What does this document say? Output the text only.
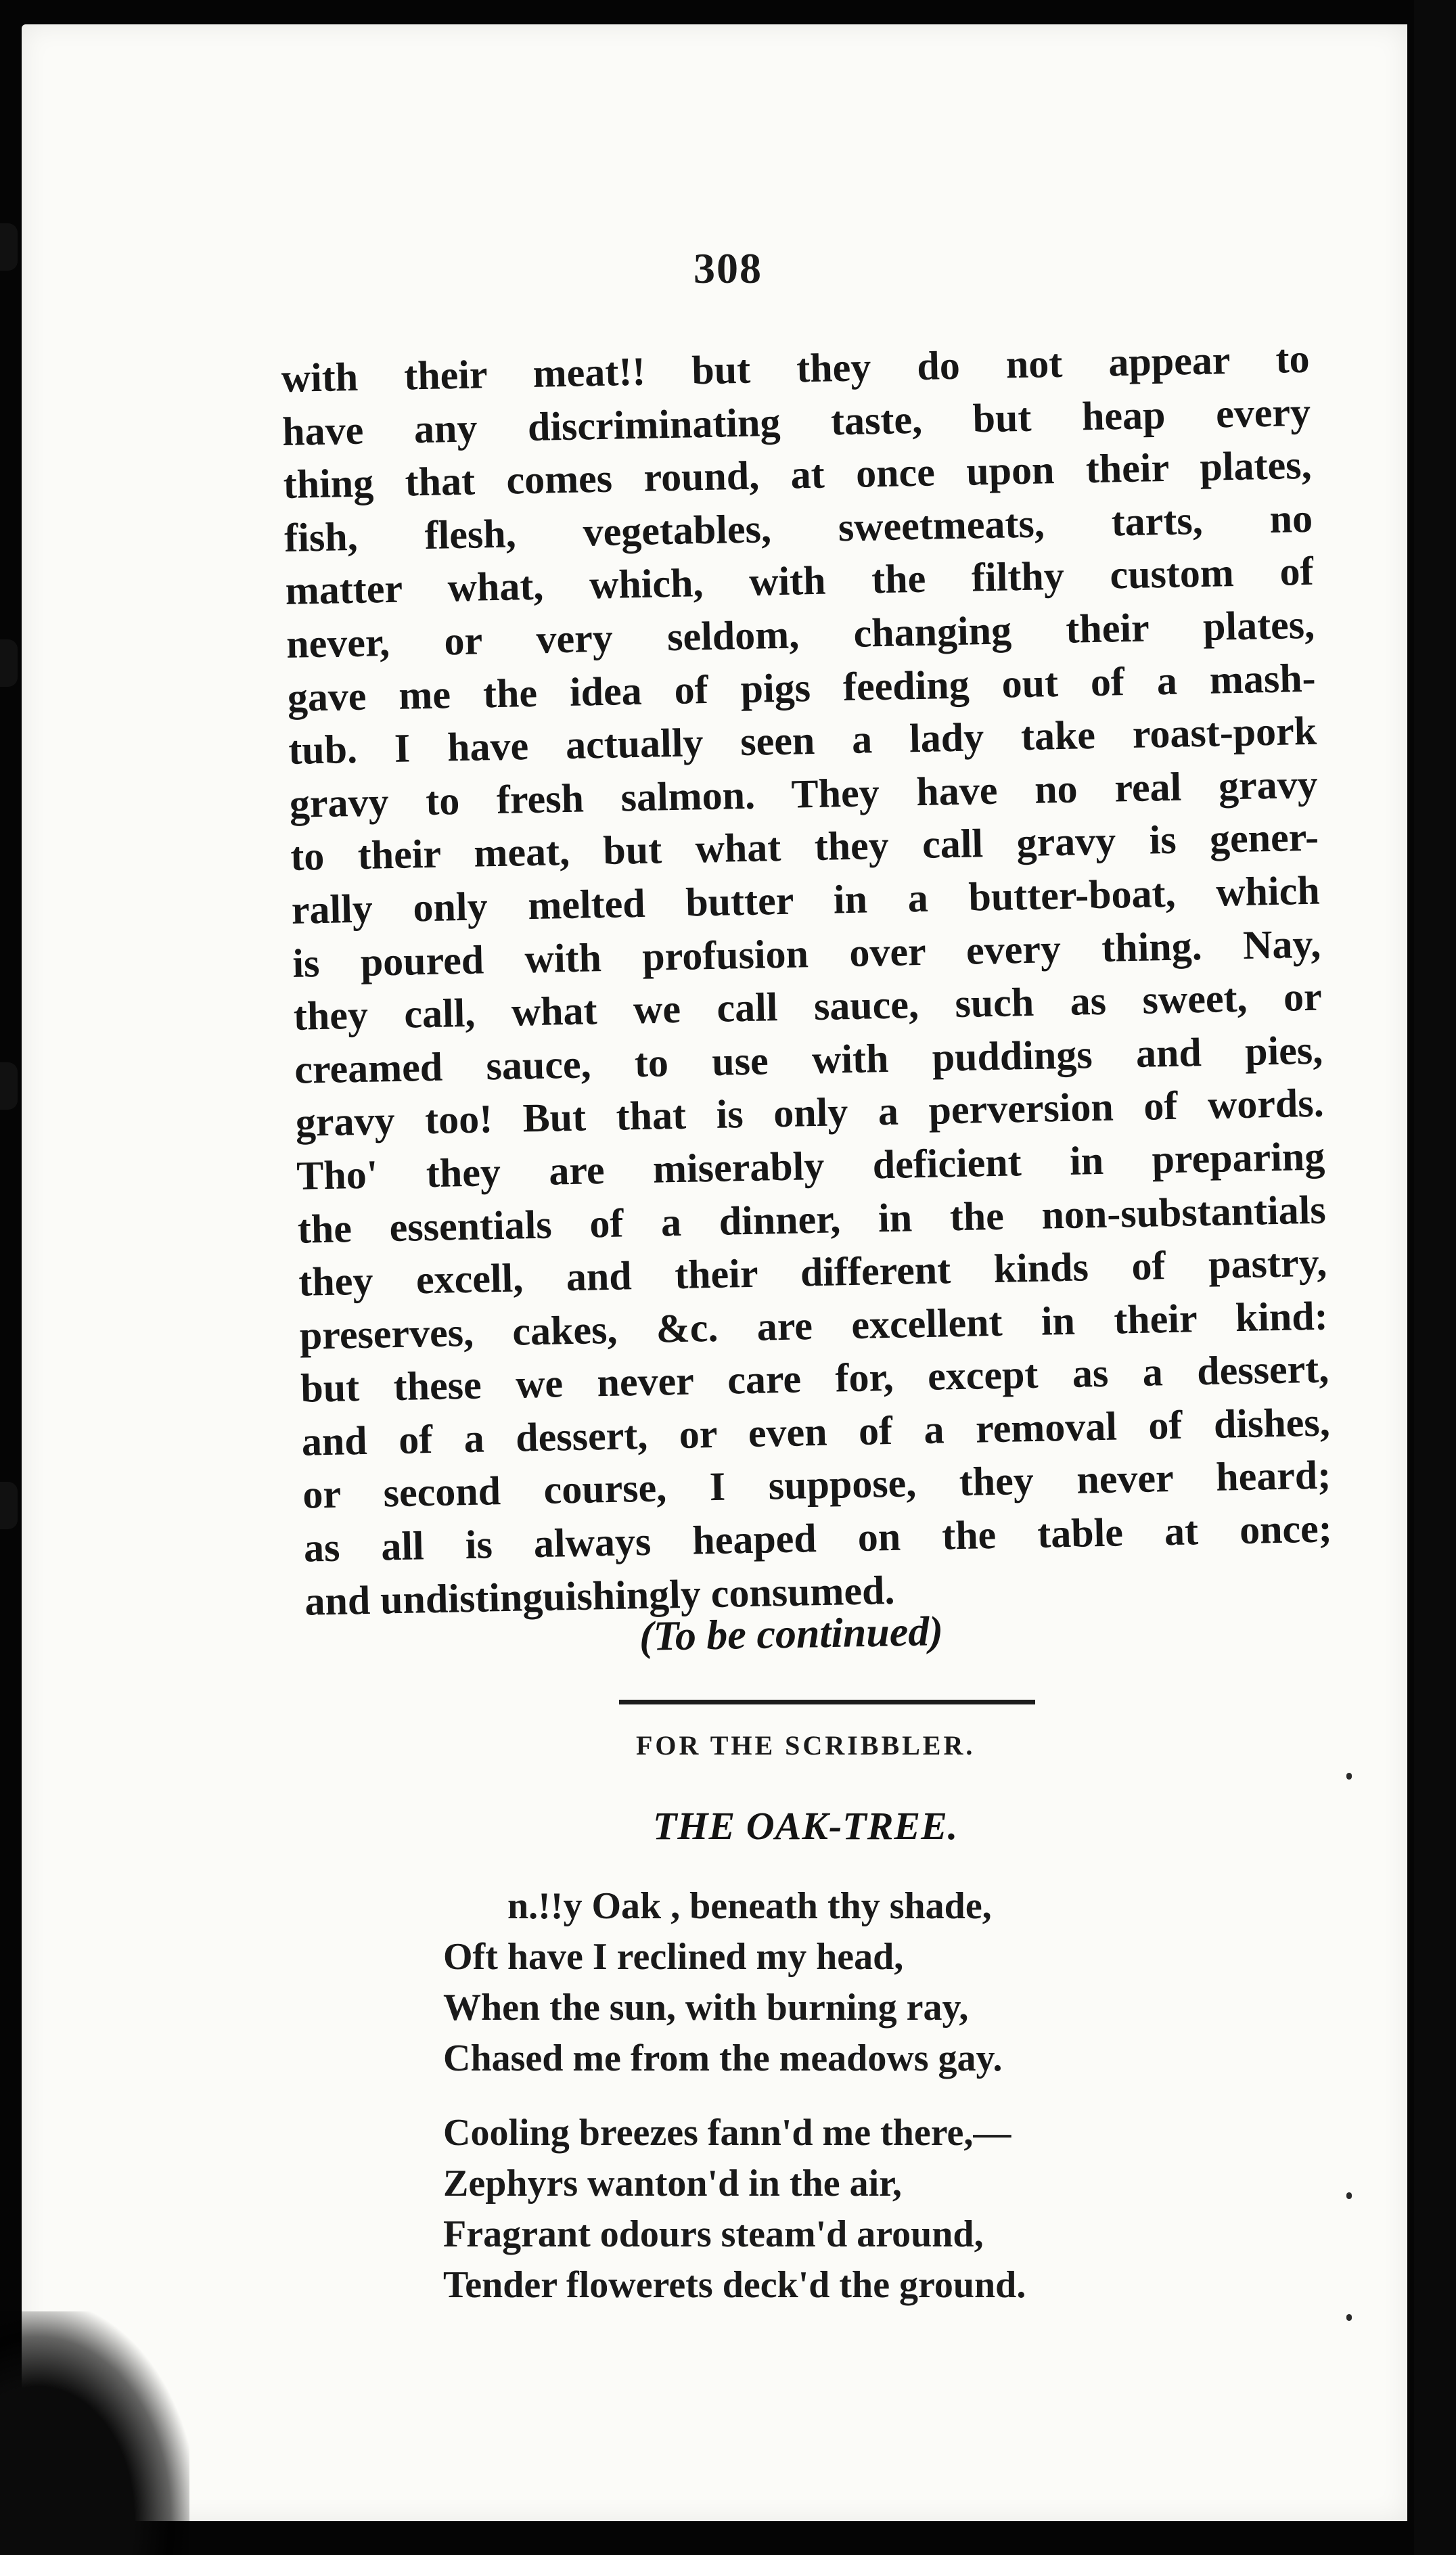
308
with their meat!! but they do not appear to
have any discriminating taste, but heap every
thing that comes round, at once upon their plates,
fish, flesh, vegetables, sweetmeats, tarts, no
matter what, which, with the filthy custom of
never, or very seldom, changing their plates,
gave me the idea of pigs feeding out of a mash-
tub. I have actually seen a lady take roast-pork
gravy to fresh salmon. They have no real gravy
to their meat, but what they call gravy is gener-
rally only melted butter in a butter-boat, which
is poured with profusion over every thing. Nay,
they call, what we call sauce, such as sweet, or
creamed sauce, to use with puddings and pies,
gravy too! But that is only a perversion of words.
Tho' they are miserably deficient in preparing
the essentials of a dinner, in the non-substantials
they excell, and their different kinds of pastry,
preserves, cakes, &c. are excellent in their kind:
but these we never care for, except as a dessert,
and of a dessert, or even of a removal of dishes,
or second course, I suppose, they never heard;
as all is always heaped on the table at once;
and undistinguishingly consumed.
(To be continued)
FOR THE SCRIBBLER.
THE OAK-TREE.
n.!!y Oak , beneath thy shade,
Oft have I reclined my head,
When the sun, with burning ray,
Chased me from the meadows gay.
Cooling breezes fann'd me there,—
Zephyrs wanton'd in the air,
Fragrant odours steam'd around,
Tender flowerets deck'd the ground.
